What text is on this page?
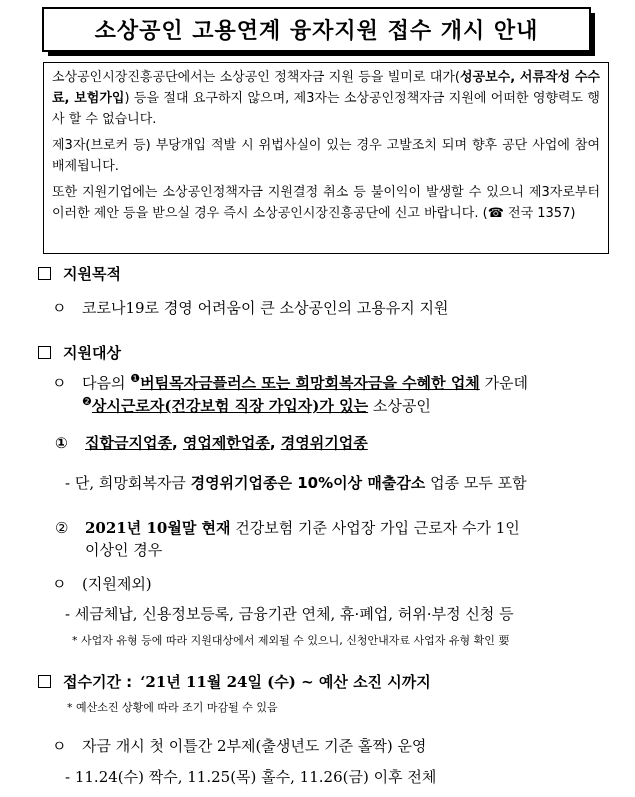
소상공인 고용연계 융자지원 접수 개시 안내

소상공인시장진흥공단에서는 소상공인 정책자금 지원 등을 빌미로 대가(성공보수, 서류작성 수수료, 보험가입) 등을 절대 요구하지 않으며, 제3자는 소상공인정책자금 지원에 어떠한 영향력도 행사 할 수 없습니다.

제3자(브로커 등) 부당개입 적발 시 위법사실이 있는 경우 고발조치 되며 향후 공단 사업에 참여 배제됩니다.

또한 지원기업에는 소상공인정책자금 지원결정 취소 등 불이익이 발생할 수 있으니 제3자로부터 이러한 제안 등을 받으실 경우 즉시 소상공인시장진흥공단에 신고 바랍니다. (☎ 전국 1357)

지원목적
ㅇ 코로나19로 경영 어려움이 큰 소상공인의 고용유지 지원
지원대상
ㅇ 다음의 $^❶$버팀목자금플러스 또는 희망회복자금을 수혜한 업체 가운데
$^❷$상시근로자(건강보험 직장 가입자)가 있는 소상공인
① 집합금지업종, 영업제한업종, 경영위기업종
- 단, 희망회복자금 경영위기업종은 10%이상 매출감소 업종 모두 포함
② 2021년 10월말 현재 건강보험 기준 사업장 가입 근로자 수가 1인
이상인 경우
ㅇ (지원제외)
- 세금체납, 신용정보등록, 금융기관 연체, 휴·폐업, 허위·부정 신청 등
* 사업자 유형 등에 따라 지원대상에서 제외될 수 있으니, 신청안내자료 사업자 유형 확인 要
접수기간 : ‘21년 11월 24일 (수) ~ 예산 소진 시까지
* 예산소진 상황에 따라 조기 마감될 수 있음
ㅇ 자금 개시 첫 이틀간 2부제(출생년도 기준 홀짝) 운영
- 11.24(수) 짝수, 11.25(목) 홀수, 11.26(금) 이후 전체
